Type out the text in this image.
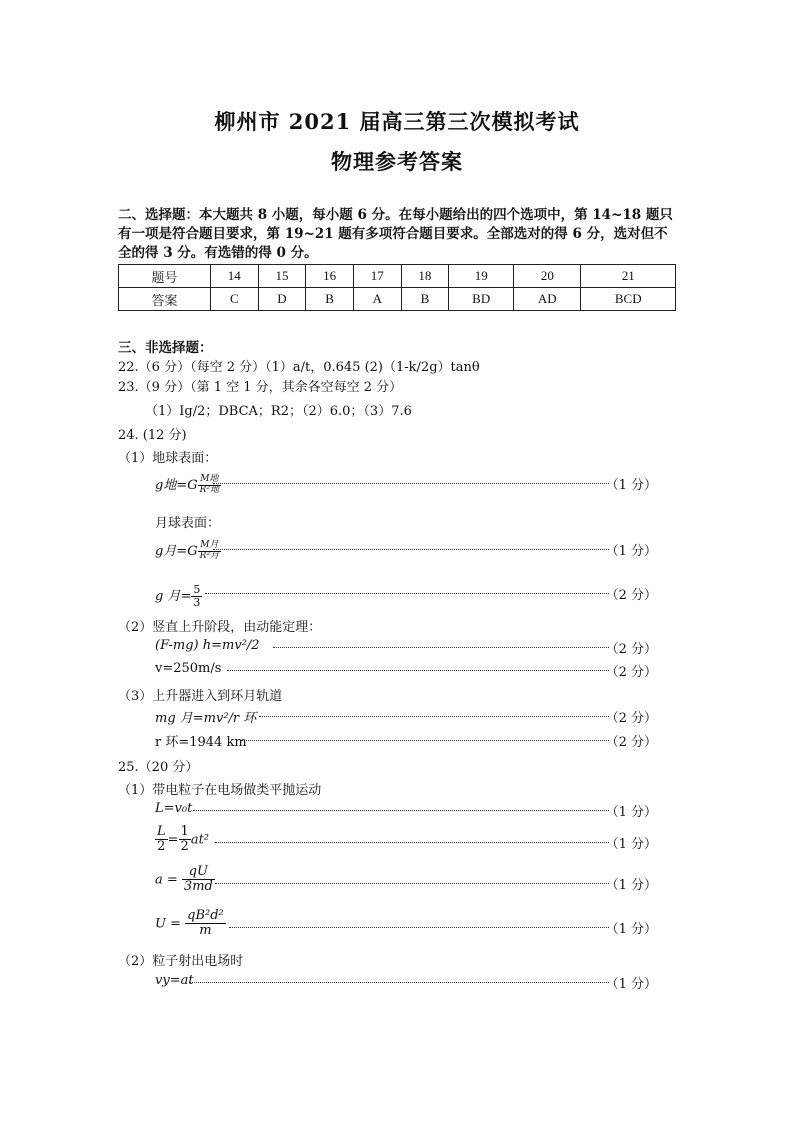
柳州市 2021 届高三第三次模拟考试
物理参考答案
二、选择题：本大题共 8 小题，每小题 6 分。在每小题给出的四个选项中，第 14~18 题只
有一项是符合题目要求，第 19~21 题有多项符合题目要求。全部选对的得 6 分，选对但不
全的得 3 分。有选错的得 0 分。
题号	14	15	16	17	18	19	20	21
答案	C	D	B	A	B	BD	AD	BCD
三、非选择题：
22.（6 分）（每空 2 分）（1）a/t，0.645 (2)（1-k/2g）tanθ
23.（9 分）（第 1 空 1 分，其余各空每空 2 分）
（1）Ig/2；DBCA；R2；（2）6.0；（3）7.6
24. (12 分)
（1）地球表面：
g地$=G \frac{\text{M地}}{\text{R²地}}$	（1 分）
月球表面：
g月$=G \frac{\text{M月}}{\text{R²月}}$	（1 分）
g 月= $\frac{5}{3}$	（2 分）
（2）竖直上升阶段，由动能定理：
(F-mg) h=mv²/2	（2 分）
v=250m/s	（2 分）
（3）上升器进入到环月轨道
mg 月=mv²/r 环	（2 分）
r 环=1944 km	（2 分）
25.（20 分）
（1）带电粒子在电场做类平抛运动
L=v₀t	（1 分）
$\frac{L}{2} = \frac{1}{2} at^2$	（1 分）
$a = \frac{qU}{3md}$	（1 分）
$U = \frac{\text{qB²d²}}{m}$	（1 分）
（2）粒子射出电场时
vy=at	（1 分）
